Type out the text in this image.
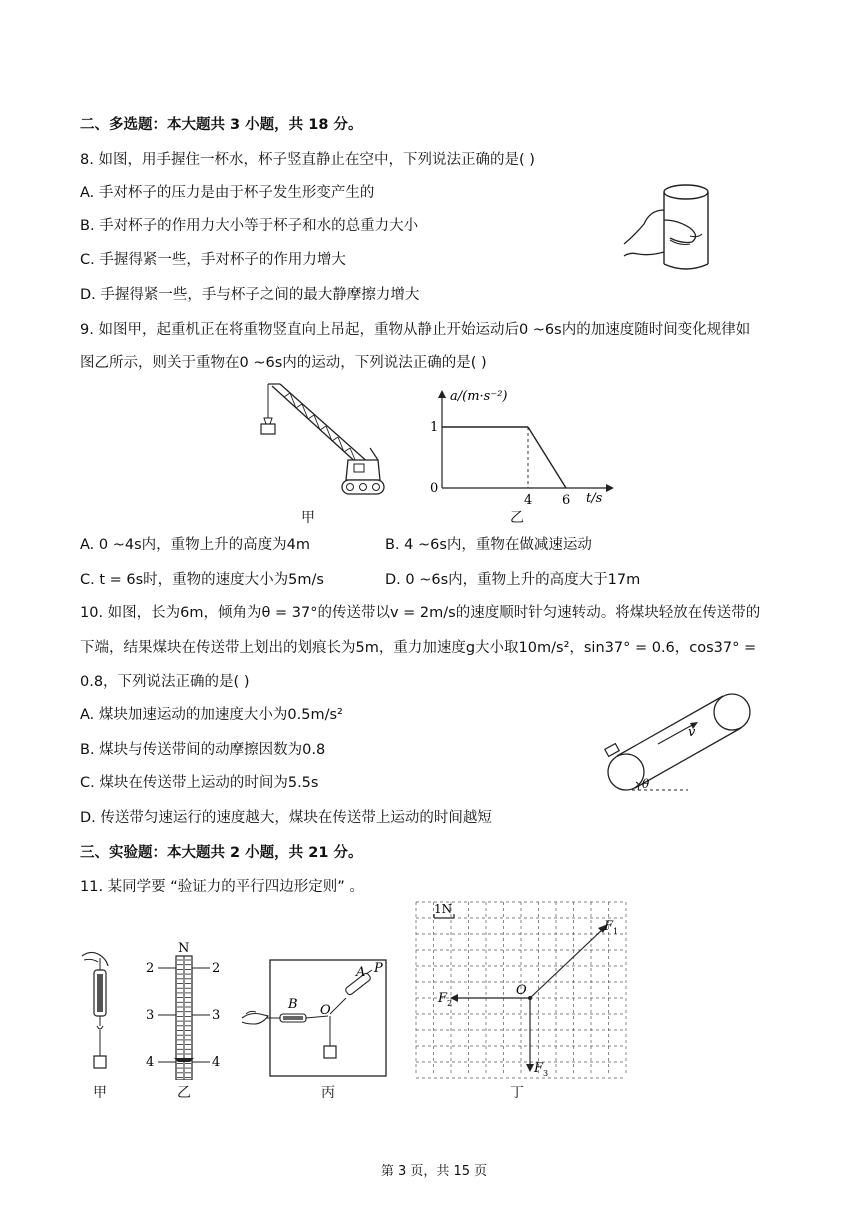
二、多选题：本大题共 3 小题，共 18 分。
8. 如图，用手握住一杯水，杯子竖直静止在空中，下列说法正确的是( )
A. 手对杯子的压力是由于杯子发生形变产生的
B. 手对杯子的作用力大小等于杯子和水的总重力大小
C. 手握得紧一些，手对杯子的作用力增大
D. 手握得紧一些，手与杯子之间的最大静摩擦力增大
9. 如图甲，起重机正在将重物竖直向上吊起，重物从静止开始运动后0 ~6s内的加速度随时间变化规律如
图乙所示，则关于重物在0 ~6s内的运动，下列说法正确的是( )
甲
a/(m·s⁻²)
0
1
4 6 t/s
乙
A. 0 ~4s内，重物上升的高度为4m	B. 4 ~6s内，重物在做减速运动
C. t = 6s时，重物的速度大小为5m/s	D. 0 ~6s内，重物上升的高度大于17m
10. 如图，长为6m，倾角为θ = 37°的传送带以v = 2m/s的速度顺时针匀速转动。将煤块轻放在传送带的
下端，结果煤块在传送带上划出的划痕长为5m，重力加速度g大小取10m/s²，sin37° = 0.6，cos37° =
0.8，下列说法正确的是( )
A. 煤块加速运动的加速度大小为0.5m/s²
B. 煤块与传送带间的动摩擦因数为0.8
C. 煤块在传送带上运动的时间为5.5s
D. 传送带匀速运行的速度越大，煤块在传送带上运动的时间越短
v
θ
三、实验题：本大题共 2 小题，共 21 分。
11. 某同学要 “验证力的平行四边形定则” 。
甲
N
2
3
4
2
3
4
乙
A P
B O
丙
1N
O
F 1
F 2
F 3
丁
第 3 页，共 15 页
